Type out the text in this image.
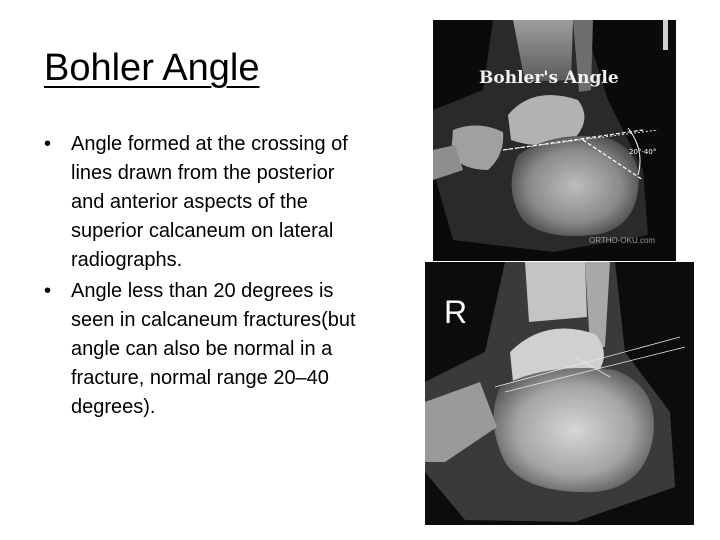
Bohler Angle
• Angle formed at the crossing of lines drawn from the posterior and anterior aspects of the superior calcaneum on lateral radiographs.
• Angle less than 20 degrees is seen in calcaneum fractures(but angle can also be normal in a fracture, normal range 20–40 degrees).
Bohler's Angle
20°-40°
ORTHO-OKU.com
R
